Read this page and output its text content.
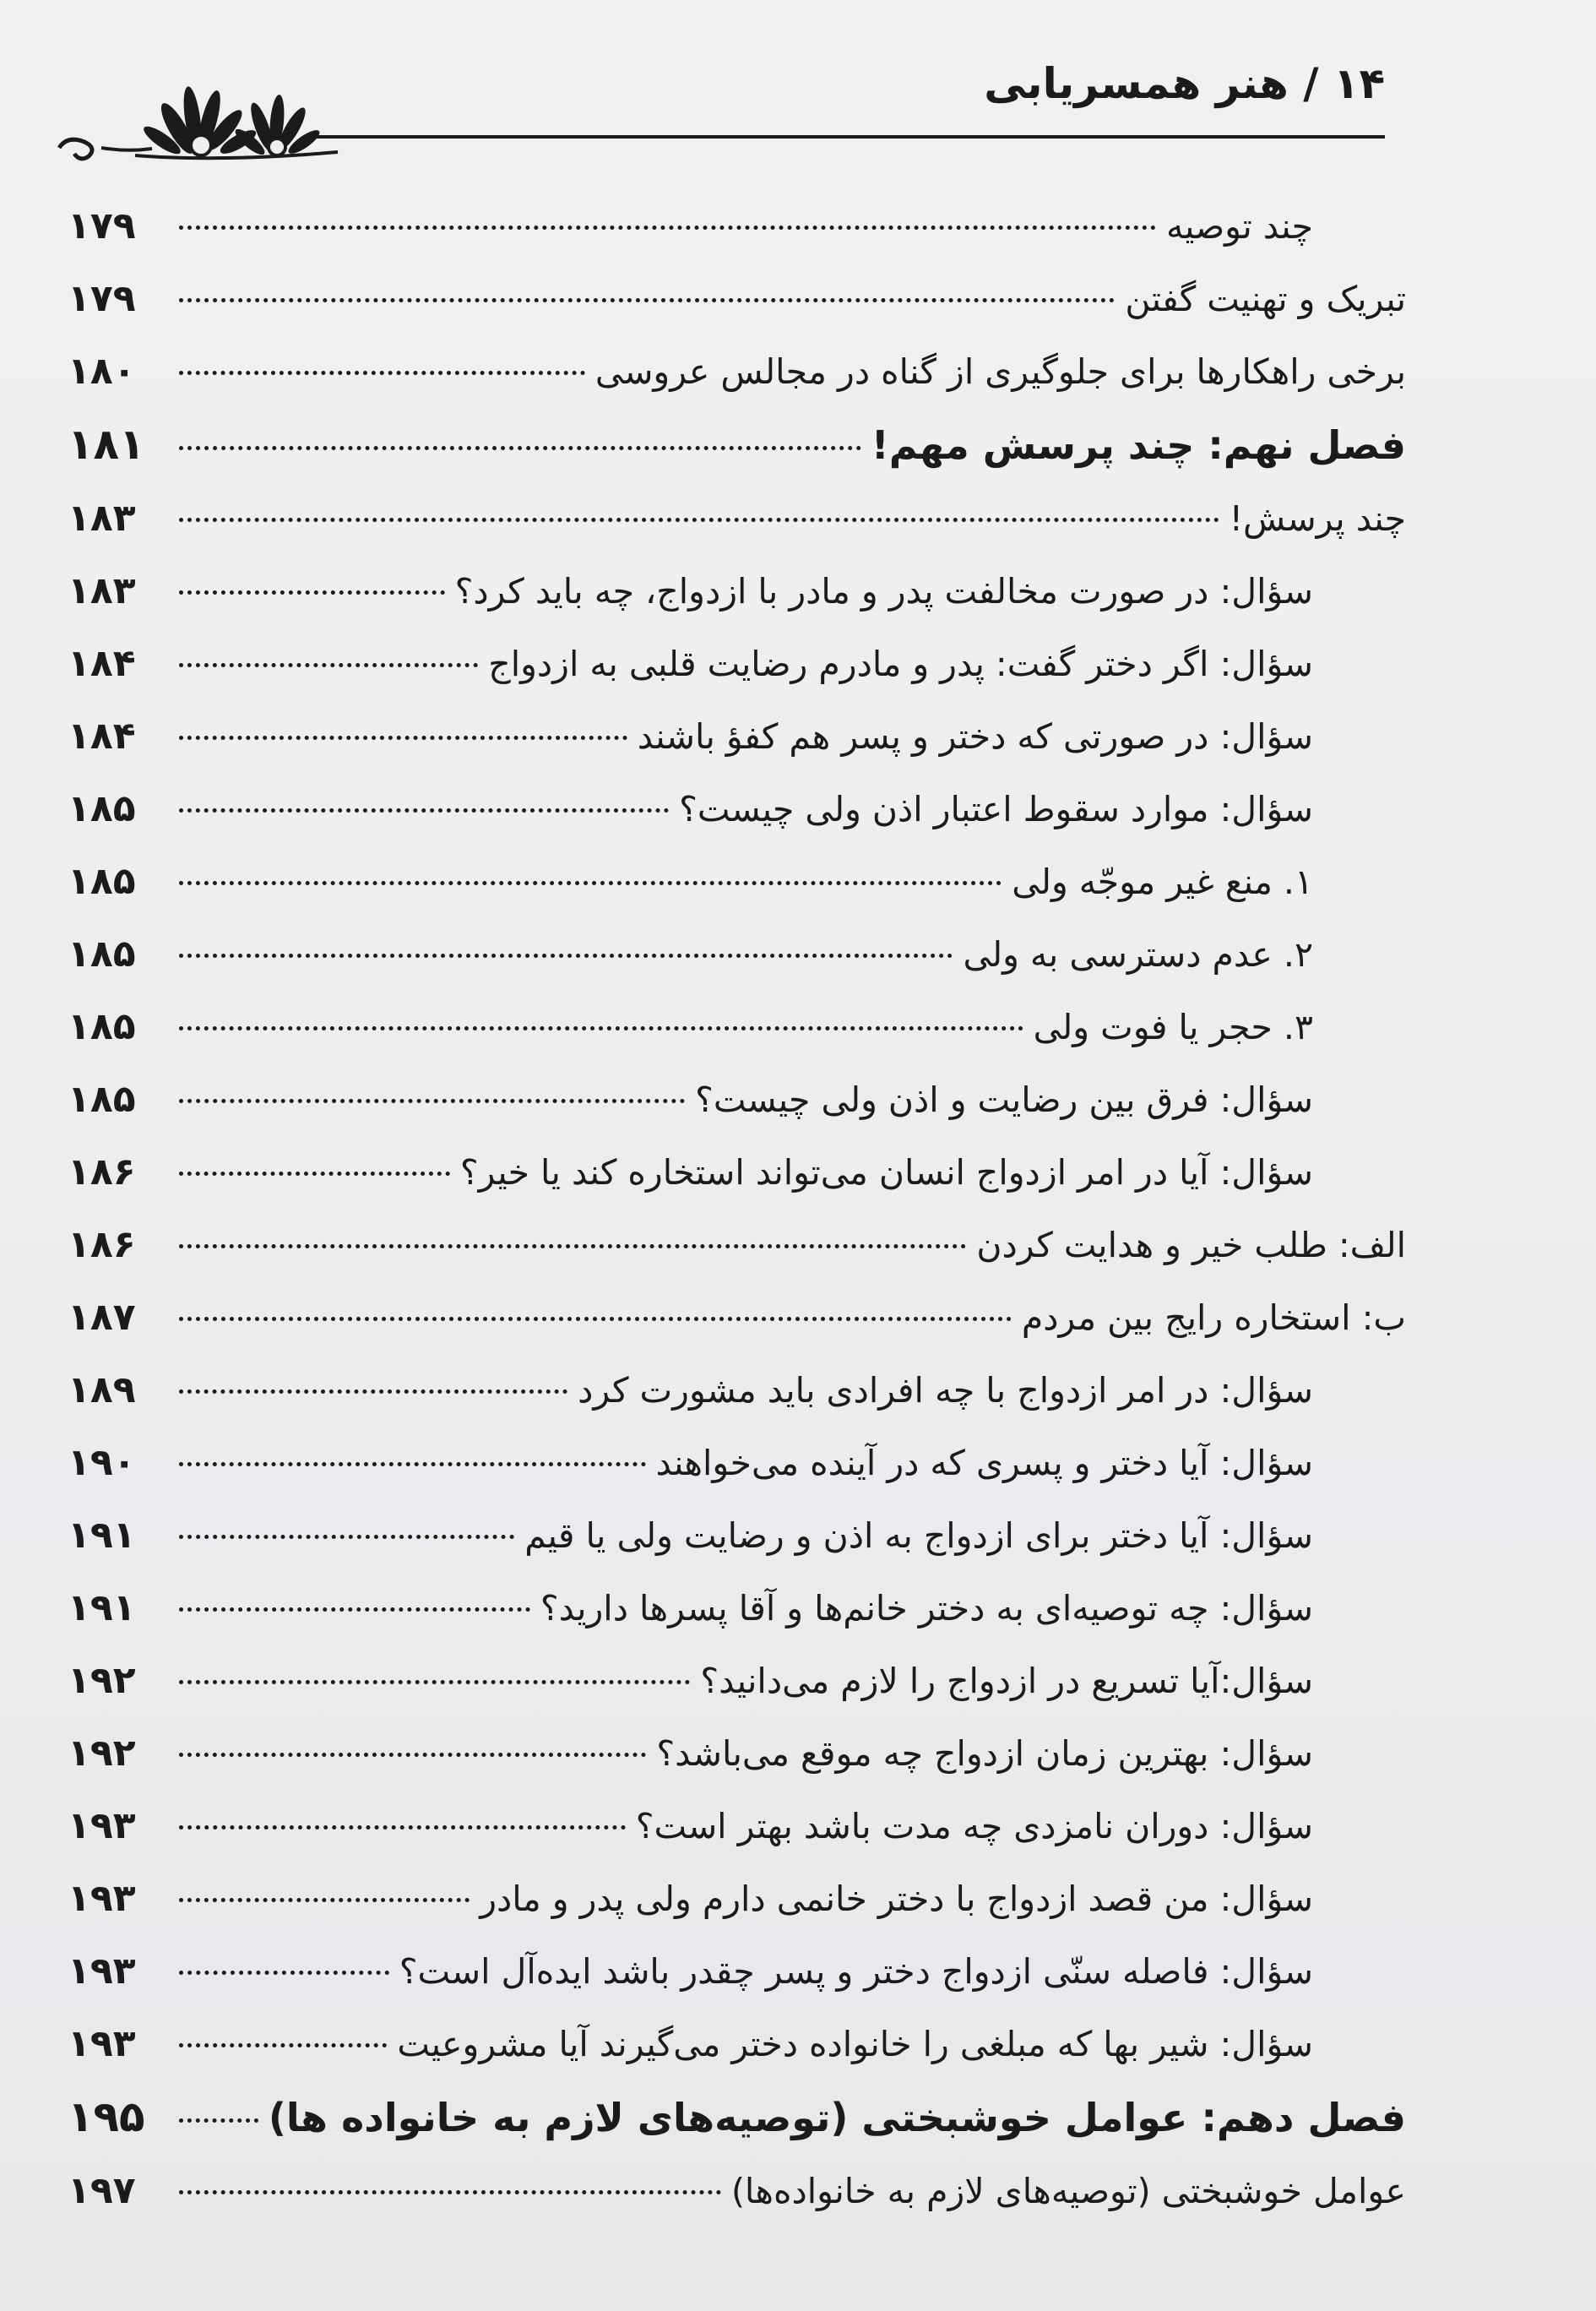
۱۴ / هنر همسریابی
چند توصیه
۱۷۹
تبریک و تهنیت گفتن
۱۷۹
برخی راهکارها برای جلوگیری از گناه در مجالس عروسی
۱۸۰
فصل نهم: چند پرسش مهم!
۱۸۱
چند پرسش!
۱۸۳
سؤال: در صورت مخالفت پدر و مادر با ازدواج، چه باید کرد؟
۱۸۳
سؤال: اگر دختر گفت: پدر و مادرم رضایت قلبی به ازدواج
۱۸۴
سؤال: در صورتی که دختر و پسر هم کفؤ باشند
۱۸۴
سؤال: موارد سقوط اعتبار اذن ولی چیست؟
۱۸۵
۱. منع غیر موجّه ولی
۱۸۵
۲. عدم دسترسی به ولی
۱۸۵
۳. حجر یا فوت ولی
۱۸۵
سؤال: فرق بین رضایت و اذن ولی چیست؟
۱۸۵
سؤال: آیا در امر ازدواج انسان می‌تواند استخاره کند یا خیر؟
۱۸۶
الف: طلب خیر و هدایت کردن
۱۸۶
ب: استخاره رایج بین مردم
۱۸۷
سؤال: در امر ازدواج با چه افرادی باید مشورت کرد
۱۸۹
سؤال: آیا دختر و پسری که در آینده می‌خواهند
۱۹۰
سؤال: آیا دختر برای ازدواج به اذن و رضایت ولی یا قیم
۱۹۱
سؤال: چه توصیه‌ای به دختر خانم‌ها و آقا پسرها دارید؟
۱۹۱
سؤال:آیا تسریع در ازدواج را لازم می‌دانید؟
۱۹۲
سؤال: بهترین زمان ازدواج چه موقع می‌باشد؟
۱۹۲
سؤال: دوران نامزدی چه مدت باشد بهتر است؟
۱۹۳
سؤال: من قصد ازدواج با دختر خانمی دارم ولی پدر و مادر
۱۹۳
سؤال: فاصله سنّی ازدواج دختر و پسر چقدر باشد ایده‌آل است؟
۱۹۳
سؤال: شیر بها که مبلغی را خانواده دختر می‌گیرند آیا مشروعیت
۱۹۳
فصل دهم: عوامل خوشبختی (توصیه‌های لازم به خانواده ها)
۱۹۵
عوامل خوشبختی (توصیه‌های لازم به خانواده‌ها)
۱۹۷
